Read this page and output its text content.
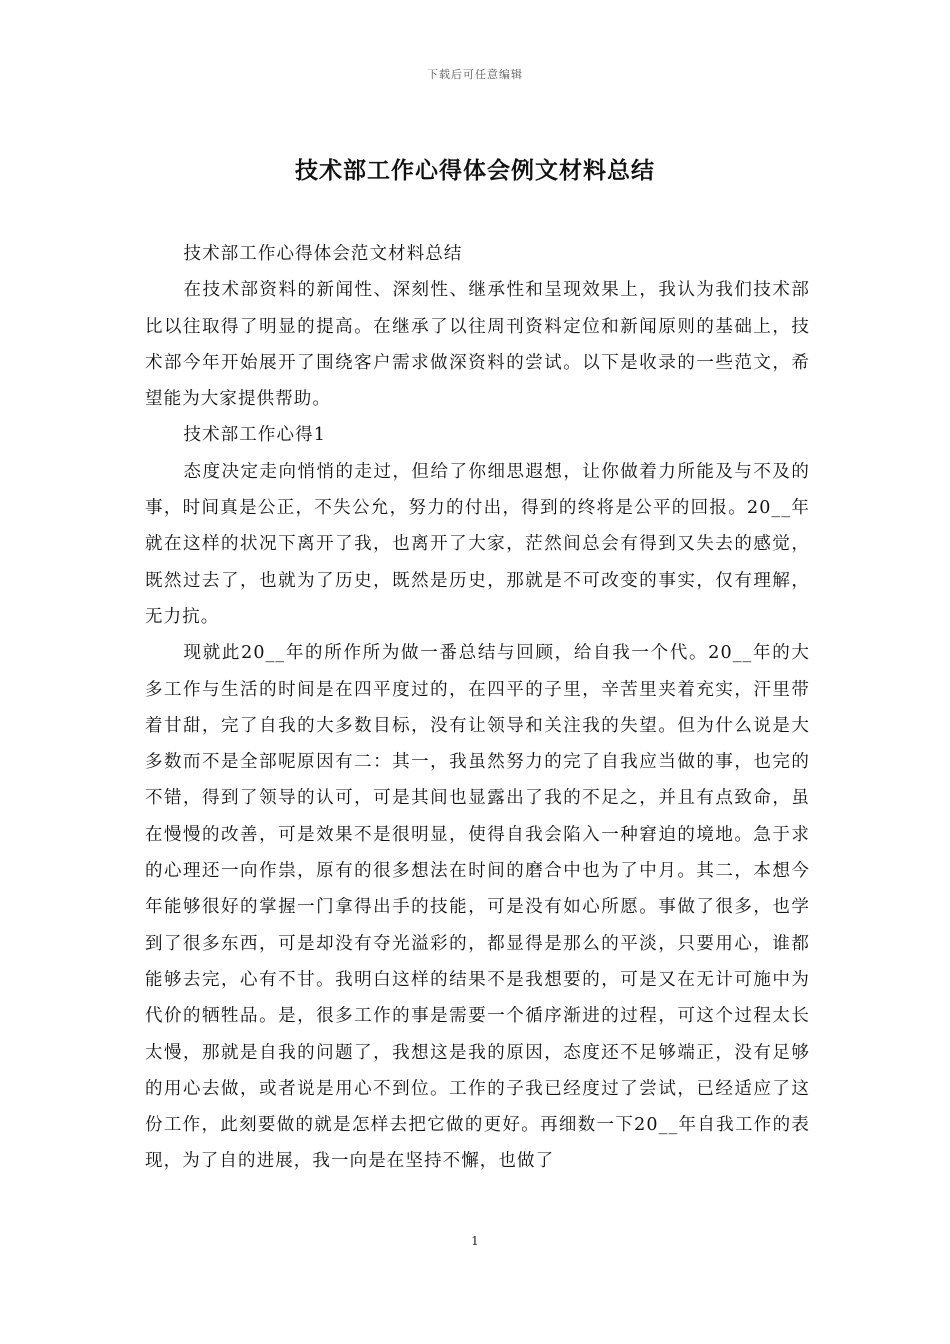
下载后可任意编辑
技术部工作心得体会例文材料总结

技术部工作心得体会范文材料总结

在技术部资料的新闻性、深刻性、继承性和呈现效果上，我认为我们技术部比以往取得了明显的提高。在继承了以往周刊资料定位和新闻原则的基础上，技术部今年开始展开了围绕客户需求做深资料的尝试。以下是收录的一些范文，希望能为大家提供帮助。

技术部工作心得1

态度决定走向悄悄的走过，但给了你细思遐想，让你做着力所能及与不及的事，时间真是公正，不失公允，努力的付出，得到的终将是公平的回报。20__年就在这样的状况下离开了我，也离开了大家，茫然间总会有得到又失去的感觉，既然过去了，也就为了历史，既然是历史，那就是不可改变的事实，仅有理解，无力抗。

现就此20__年的所作所为做一番总结与回顾，给自我一个代。20__年的大多工作与生活的时间是在四平度过的，在四平的子里，辛苦里夹着充实，汗里带着甘甜，完了自我的大多数目标，没有让领导和关注我的失望。但为什么说是大多数而不是全部呢原因有二：其一，我虽然努力的完了自我应当做的事，也完的不错，得到了领导的认可，可是其间也显露出了我的不足之，并且有点致命，虽在慢慢的改善，可是效果不是很明显，使得自我会陷入一种窘迫的境地。急于求的心理还一向作祟，原有的很多想法在时间的磨合中也为了中月。其二，本想今年能够很好的掌握一门拿得出手的技能，可是没有如心所愿。事做了很多，也学到了很多东西，可是却没有夺光溢彩的，都显得是那么的平淡，只要用心，谁都能够去完，心有不甘。我明白这样的结果不是我想要的，可是又在无计可施中为代价的牺牲品。是，很多工作的事是需要一个循序渐进的过程，可这个过程太长太慢，那就是自我的问题了，我想这是我的原因，态度还不足够端正，没有足够的用心去做，或者说是用心不到位。工作的子我已经度过了尝试，已经适应了这份工作，此刻要做的就是怎样去把它做的更好。再细数一下20__年自我工作的表现，为了自的进展，我一向是在坚持不懈，也做了

1
